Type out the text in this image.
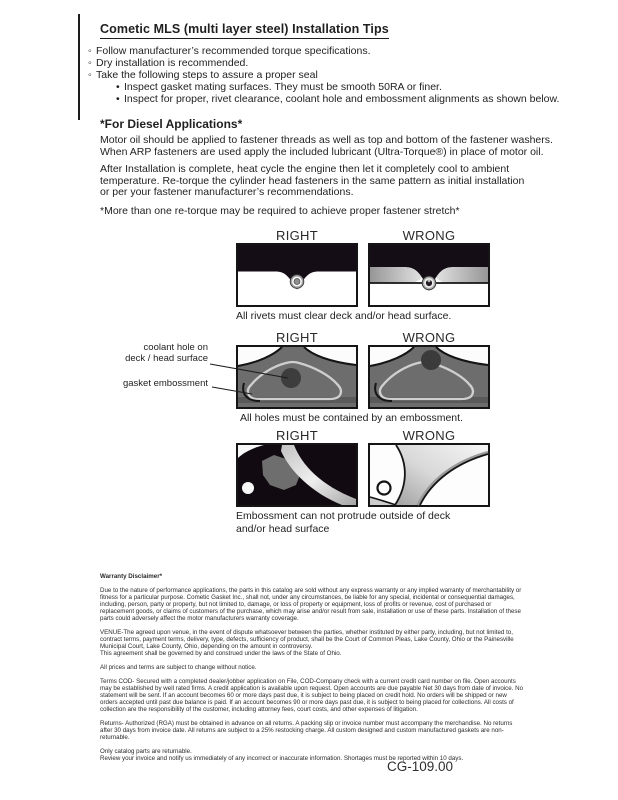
Cometic MLS (multi layer steel) Installation Tips
◦ Follow manufacturer’s recommended torque specifications.
◦ Dry installation is recommended.
◦ Take the following steps to assure a proper seal
• Inspect gasket mating surfaces. They must be smooth 50RA or finer.
• Inspect for proper, rivet clearance, coolant hole and embossment alignments as shown below.
*For Diesel Applications*
Motor oil should be applied to fastener threads as well as top and bottom of the fastener washers.
When ARP fasteners are used apply the included lubricant (Ultra-Torque®) in place of motor oil.
After Installation is complete, heat cycle the engine then let it completely cool to ambient
temperature. Re-torque the cylinder head fasteners in the same pattern as initial installation
or per your fastener manufacturer’s recommendations.
*More than one re-torque may be required to achieve proper fastener stretch*
RIGHT	WRONG
All rivets must clear deck and/or head surface.
RIGHT	WRONG
coolant hole on
deck / head surface
gasket embossment
All holes must be contained by an embossment.
RIGHT	WRONG
Embossment can not protrude outside of deck
and/or head surface

Warranty Disclaimer*

Due to the nature of performance applications, the parts in this catalog are sold without any express warranty or any implied warranty of merchantability or fitness for a particular purpose. Cometic Gasket Inc., shall not, under any circumstances, be liable for any special, incidental or consequential damages, including, person, party or property, but not limited to, damage, or loss of property or equipment, loss of profits or revenue, cost of purchased or replacement goods, or claims of customers of the purchase, which may arise and/or result from sale, installation or use of these parts. Installation of these parts could adversely affect the motor manufacturers warranty coverage.

VENUE-The agreed upon venue, in the event of dispute whatsoever between the parties, whether instituted by either party, including, but not limited to, contract terms, payment terms, delivery, type, defects, sufficiency of product, shall be the Court of Common Pleas, Lake County, Ohio or the Painesville Municipal Court, Lake County, Ohio, depending on the amount in controversy.

This agreement shall be governed by and construed under the laws of the State of Ohio.

All prices and terms are subject to change without notice.

Terms COD- Secured with a completed dealer/jobber application on File, COD-Company check with a current credit card number on file. Open accounts may be established by well rated firms. A credit application is available upon request. Open accounts are due payable Net 30 days from date of invoice. No statement will be sent. If an account becomes 60 or more days past due, it is subject to being placed on credit hold. No orders will be shipped or new orders accepted until past due balance is paid. If an account becomes 90 or more days past due, it is subject to being placed for collections. All costs of collection are the responsibility of the customer, including attorney fees, court costs, and other expenses of litigation.

Returns- Authorized (RGA) must be obtained in advance on all returns. A packing slip or invoice number must accompany the merchandise. No returns after 30 days from invoice date. All returns are subject to a 25% restocking charge. All custom designed and custom manufactured gaskets are non-returnable.

Only catalog parts are returnable.

Review your invoice and notify us immediately of any incorrect or inaccurate information. Shortages must be reported within 10 days.

CG-109.00
